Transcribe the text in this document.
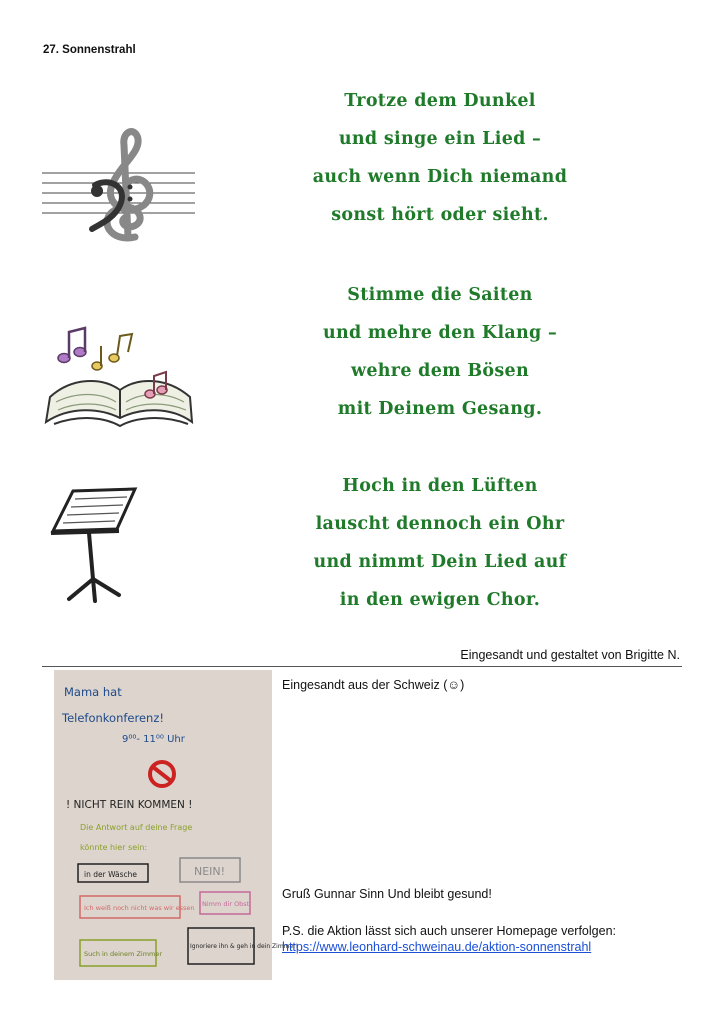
27. Sonnenstrahl
Trotze dem Dunkel
und singe ein Lied –
auch wenn Dich niemand
sonst hört oder sieht.
Stimme die Saiten
und mehre den Klang –
wehre dem Bösen
mit Deinem Gesang.
Hoch in den Lüften
lauscht dennoch ein Ohr
und nimmt Dein Lied auf
in den ewigen Chor.
Eingesandt und gestaltet von Brigitte N.
Mama hat
Telefonkonferenz!
9⁰⁰- 11⁰⁰ Uhr
! NICHT REIN KOMMEN !
Die Antwort auf deine Frage
könnte hier sein:
in der Wäsche	NEIN!
Ich weiß noch nicht was wir essen Nimm dir Obst
Such in deinem Zimmer
Ignoriere ihn & geh in dein Zimmer!
Eingesandt aus der Schweiz (☺)
Gruß Gunnar Sinn Und bleibt gesund!
P.S. die Aktion lässt sich auch unserer Homepage verfolgen:
https://www.leonhard-schweinau.de/aktion-sonnenstrahl
